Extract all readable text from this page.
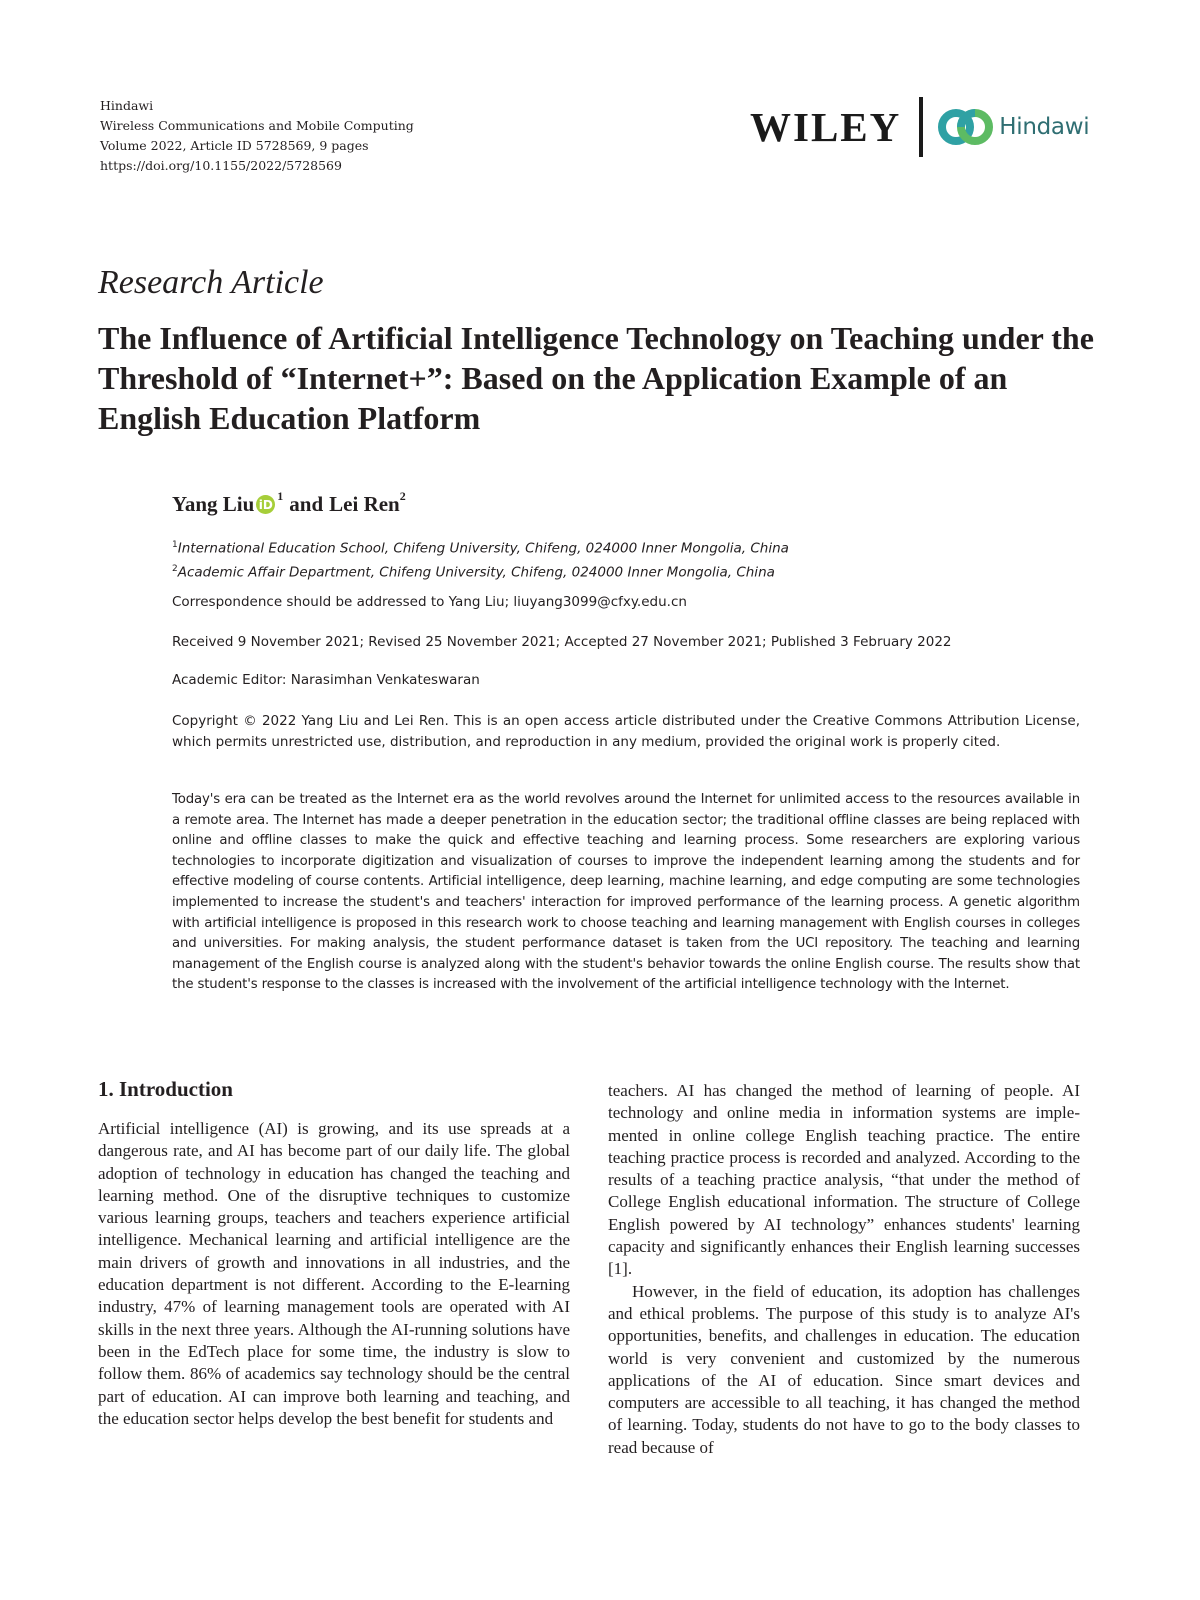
Hindawi
Wireless Communications and Mobile Computing
Volume 2022, Article ID 5728569, 9 pages
https://doi.org/10.1155/2022/5728569
WILEY	Hindawi
Research Article
The Influence of Artificial Intelligence Technology on Teaching under the Threshold of “Internet+”: Based on the Application Example of an English Education Platform
Yang Liu iD
$^1$ and Lei Ren$^2$
$^1$International Education School, Chifeng University, Chifeng, 024000 Inner Mongolia, China
$^2$Academic Affair Department, Chifeng University, Chifeng, 024000 Inner Mongolia, China
Correspondence should be addressed to Yang Liu; liuyang3099@cfxy.edu.cn
Received 9 November 2021; Revised 25 November 2021; Accepted 27 November 2021; Published 3 February 2022
Academic Editor: Narasimhan Venkateswaran

Copyright © 2022 Yang Liu and Lei Ren. This is an open access article distributed under the Creative Commons Attribution License, which permits unrestricted use, distribution, and reproduction in any medium, provided the original work is properly cited.

Today's era can be treated as the Internet era as the world revolves around the Internet for unlimited access to the resources available in a remote area. The Internet has made a deeper penetration in the education sector; the traditional offline classes are being replaced with online and offline classes to make the quick and effective teaching and learning process. Some researchers are exploring various technologies to incorporate digitization and visualization of courses to improve the independent learning among the students and for effective modeling of course contents. Artificial intelligence, deep learning, machine learning, and edge computing are some technologies implemented to increase the student's and teachers' interaction for improved performance of the learning process. A genetic algorithm with artificial intelligence is proposed in this research work to choose teaching and learning management with English courses in colleges and universities. For making analysis, the student performance dataset is taken from the UCI repository. The teaching and learning management of the English course is analyzed along with the student's behavior towards the online English course. The results show that the student's response to the classes is increased with the involvement of the artificial intelligence technology with the Internet.

1. Introduction

Artificial intelligence (AI) is growing, and its use spreads at a dangerous rate, and AI has become part of our daily life. The global adoption of technology in education has changed the teaching and learning method. One of the disruptive techniques to customize various learning groups, teachers and teachers experience artificial intelligence. Mechanical learning and artificial intelligence are the main drivers of growth and innovations in all industries, and the education department is not different. According to the E-learning industry, 47% of learning management tools are operated with AI skills in the next three years. Although the AI-running solutions have been in the EdTech place for some time, the industry is slow to follow them. 86% of academics say technology should be the central part of education. AI can improve both learning and teaching, and the education sector helps develop the best benefit for students and

teachers. AI has changed the method of learning of people. AI technology and online media in information systems are implemented in online college English teaching practice. The entire teaching practice process is recorded and analyzed. According to the results of a teaching practice analysis, “that under the method of College English educational information. The structure of College English powered by AI technology” enhances students' learning capacity and significantly enhances their English learning successes [1].

However, in the field of education, its adoption has challenges and ethical problems. The purpose of this study is to analyze AI's opportunities, benefits, and challenges in education. The education world is very convenient and customized by the numerous applications of the AI of education. Since smart devices and computers are accessible to all teaching, it has changed the method of learning. Today, students do not have to go to the body classes to read because of
